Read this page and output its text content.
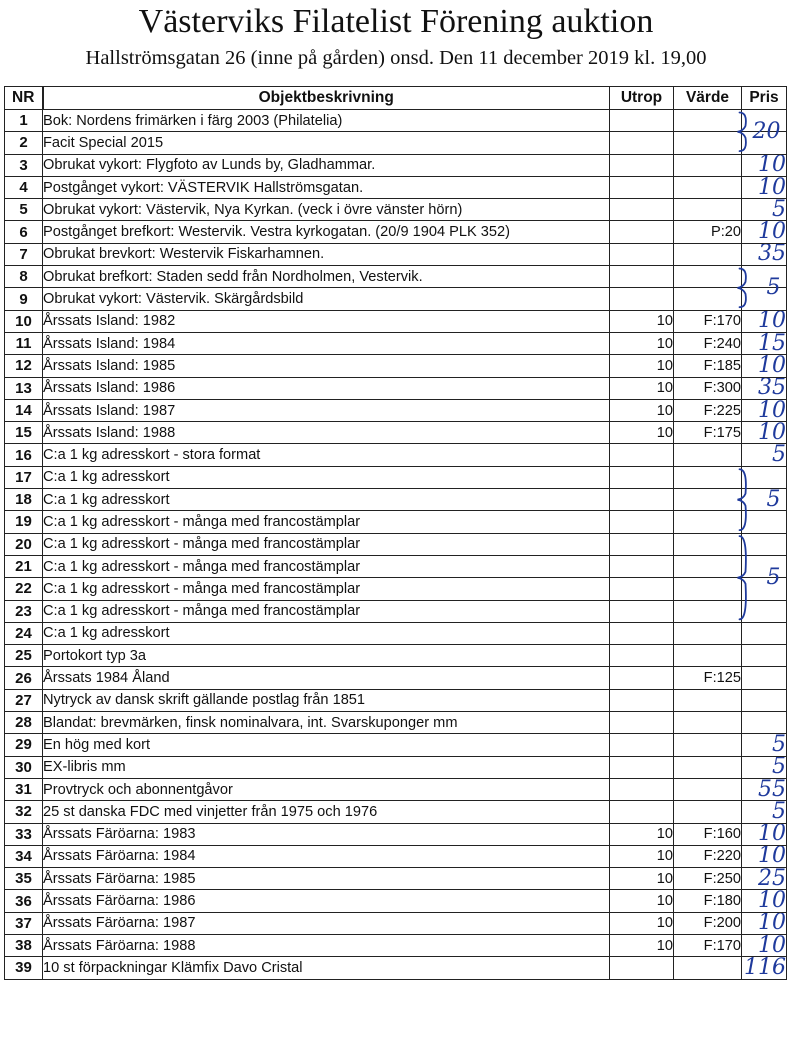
Västerviks Filatelist Förening auktion
Hallströmsgatan 26 (inne på gården) onsd. Den 11 december 2019 kl. 19,00
NR	Objektbeskrivning	Utrop	Värde	Pris
1	Bok: Nordens frimärken i färg 2003 (Philatelia)			
2	Facit Special 2015			
3	Obrukat vykort: Flygfoto av Lunds by, Gladhammar.			10
4	Postgånget vykort: VÄSTERVIK Hallströmsgatan.			10
5	Obrukat vykort: Västervik, Nya Kyrkan. (veck i övre vänster hörn)			5
6	Postgånget brefkort: Westervik. Vestra kyrkogatan. (20/9 1904 PLK 352)		P:20	10
7	Obrukat brevkort: Westervik Fiskarhamnen.			35
8	Obrukat brefkort: Staden sedd från Nordholmen, Vestervik.			
9	Obrukat vykort: Västervik. Skärgårdsbild			
10	Årssats Island: 1982	10	F:170	10
11	Årssats Island: 1984	10	F:240	15
12	Årssats Island: 1985	10	F:185	10
13	Årssats Island: 1986	10	F:300	35
14	Årssats Island: 1987	10	F:225	10
15	Årssats Island: 1988	10	F:175	10
16	C:a 1 kg adresskort - stora format			5
17	C:a 1 kg adresskort			
18	C:a 1 kg adresskort			
19	C:a 1 kg adresskort - många med francostämplar			
20	C:a 1 kg adresskort - många med francostämplar			
21	C:a 1 kg adresskort - många med francostämplar			
22	C:a 1 kg adresskort - många med francostämplar			
23	C:a 1 kg adresskort - många med francostämplar			
24	C:a 1 kg adresskort			
25	Portokort typ 3a			
26	Årssats 1984 Åland		F:125	
27	Nytryck av dansk skrift gällande postlag från 1851			
28	Blandat: brevmärken, finsk nominalvara, int. Svarskuponger mm			
29	En hög med kort			5
30	EX-libris mm			5
31	Provtryck och abonnentgåvor			55
32	25 st danska FDC med vinjetter från 1975 och 1976			5
33	Årssats Färöarna: 1983	10	F:160	10
34	Årssats Färöarna: 1984	10	F:220	10
35	Årssats Färöarna: 1985	10	F:250	25
36	Årssats Färöarna: 1986	10	F:180	10
37	Årssats Färöarna: 1987	10	F:200	10
38	Årssats Färöarna: 1988	10	F:170	10
39	10 st förpackningar Klämfix Davo Cristal			116
20
5
5
5
